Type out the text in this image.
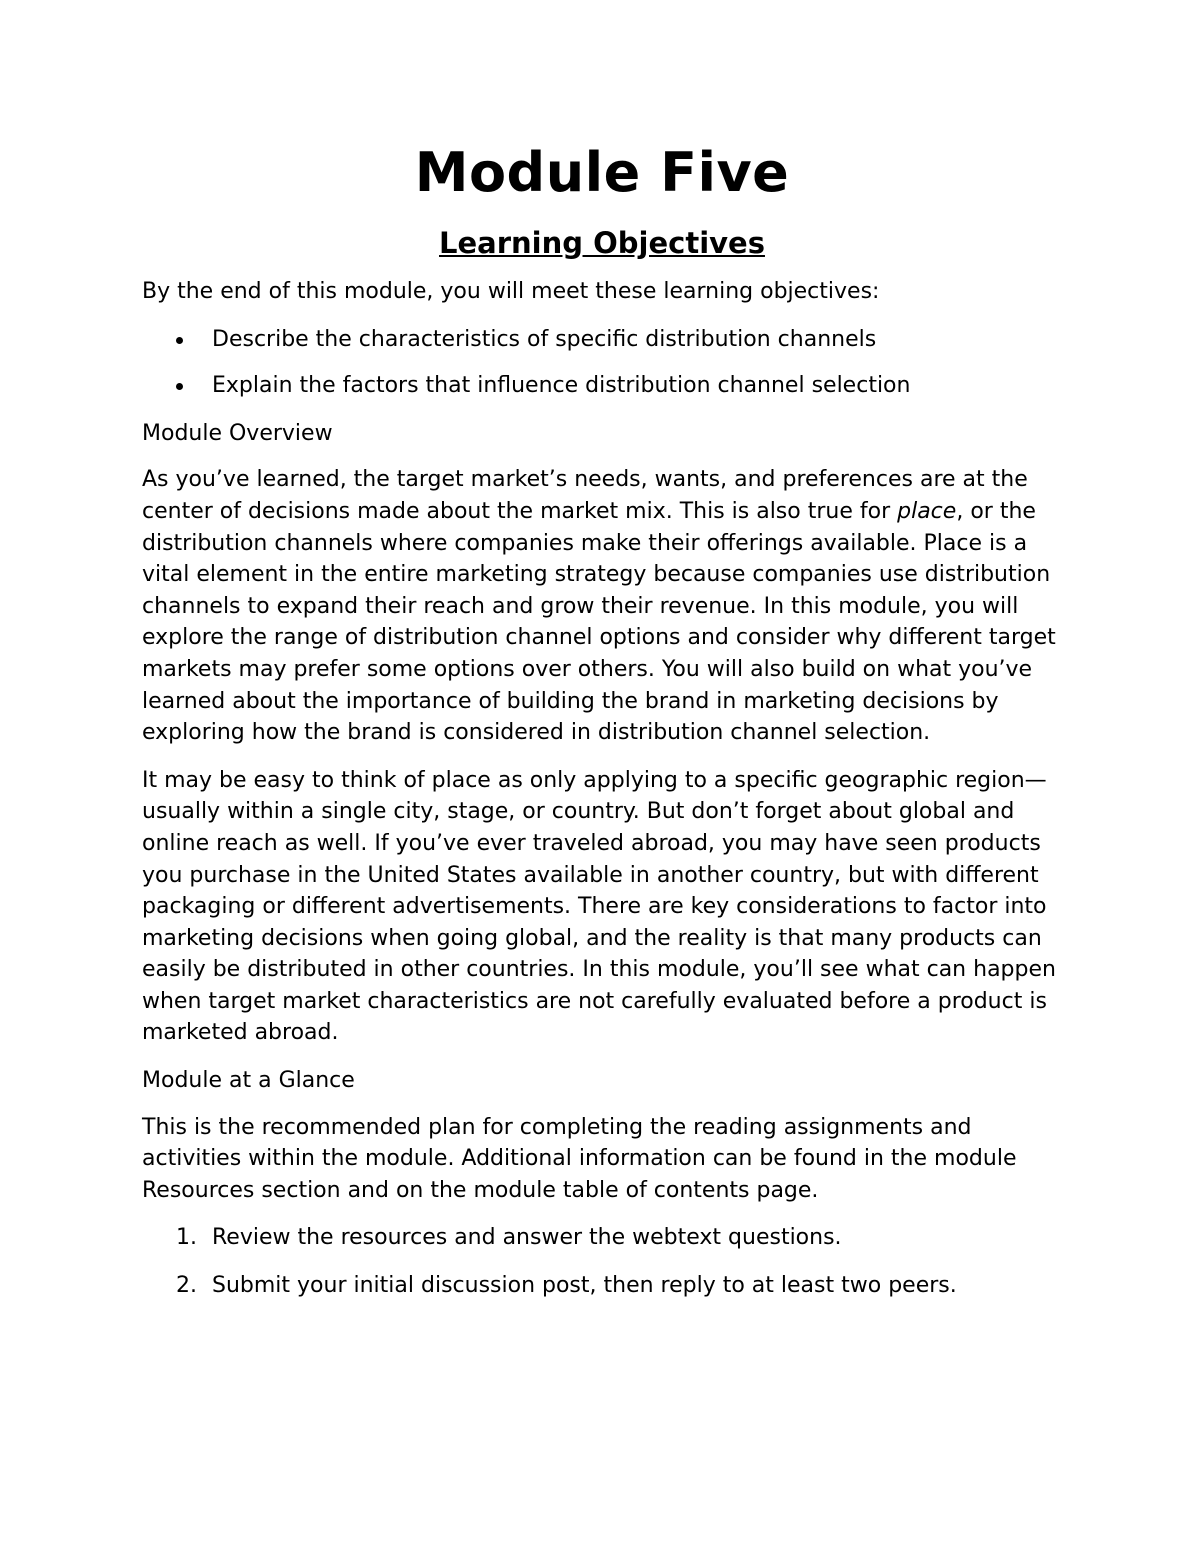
Module Five
Learning Objectives

By the end of this module, you will meet these learning objectives:

Describe the characteristics of specific distribution channels
Explain the factors that influence distribution channel selection
Module Overview

As you’ve learned, the target market’s needs, wants, and preferences are at the center of decisions made about the market mix. This is also true for place, or the distribution channels where companies make their offerings available. Place is a vital element in the entire marketing strategy because companies use distribution channels to expand their reach and grow their revenue. In this module, you will explore the range of distribution channel options and consider why different target markets may prefer some options over others. You will also build on what you’ve learned about the importance of building the brand in marketing decisions by exploring how the brand is considered in distribution channel selection.

It may be easy to think of place as only applying to a specific geographic region—usually within a single city, stage, or country. But don’t forget about global and online reach as well. If you’ve ever traveled abroad, you may have seen products you purchase in the United States available in another country, but with different packaging or different advertisements. There are key considerations to factor into marketing decisions when going global, and the reality is that many products can easily be distributed in other countries. In this module, you’ll see what can happen when target market characteristics are not carefully evaluated before a product is marketed abroad.

Module at a Glance

This is the recommended plan for completing the reading assignments and activities within the module. Additional information can be found in the module Resources section and on the module table of contents page.

1. Review the resources and answer the webtext questions.
2. Submit your initial discussion post, then reply to at least two peers.
